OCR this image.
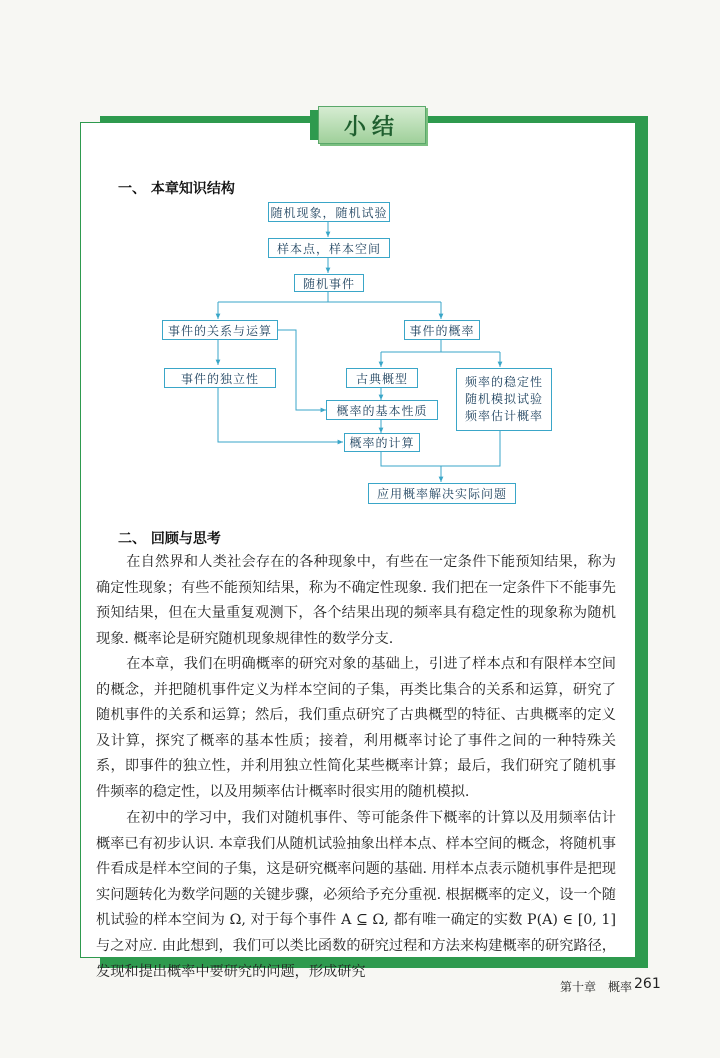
小结
一、 本章知识结构
随机现象，随机试验
样本点，样本空间
随机事件
事件的关系与运算	事件的概率
事件的独立性	古典概型
概率的基本性质
概率的计算
频率的稳定性
随机模拟试验
频率估计概率
应用概率解决实际问题
二、 回顾与思考

在自然界和人类社会存在的各种现象中，有些在一定条件下能预知结果，称为确定性现象；有些不能预知结果，称为不确定性现象. 我们把在一定条件下不能事先预知结果，但在大量重复观测下，各个结果出现的频率具有稳定性的现象称为随机现象. 概率论是研究随机现象规律性的数学分支.

在本章，我们在明确概率的研究对象的基础上，引进了样本点和有限样本空间的概念，并把随机事件定义为样本空间的子集，再类比集合的关系和运算，研究了随机事件的关系和运算；然后，我们重点研究了古典概型的特征、古典概率的定义及计算，探究了概率的基本性质；接着，利用概率讨论了事件之间的一种特殊关系，即事件的独立性，并利用独立性简化某些概率计算；最后，我们研究了随机事件频率的稳定性，以及用频率估计概率时很实用的随机模拟.

在初中的学习中，我们对随机事件、等可能条件下概率的计算以及用频率估计概率已有初步认识. 本章我们从随机试验抽象出样本点、样本空间的概念，将随机事件看成是样本空间的子集，这是研究概率问题的基础. 用样本点表示随机事件是把现实问题转化为数学问题的关键步骤，必须给予充分重视. 根据概率的定义，设一个随机试验的样本空间为 Ω, 对于每个事件 A ⊆ Ω, 都有唯一确定的实数 P(A) ∈ [0, 1] 与之对应. 由此想到，我们可以类比函数的研究过程和方法来构建概率的研究路径，发现和提出概率中要研究的问题，形成研究

第十章　概率 261
